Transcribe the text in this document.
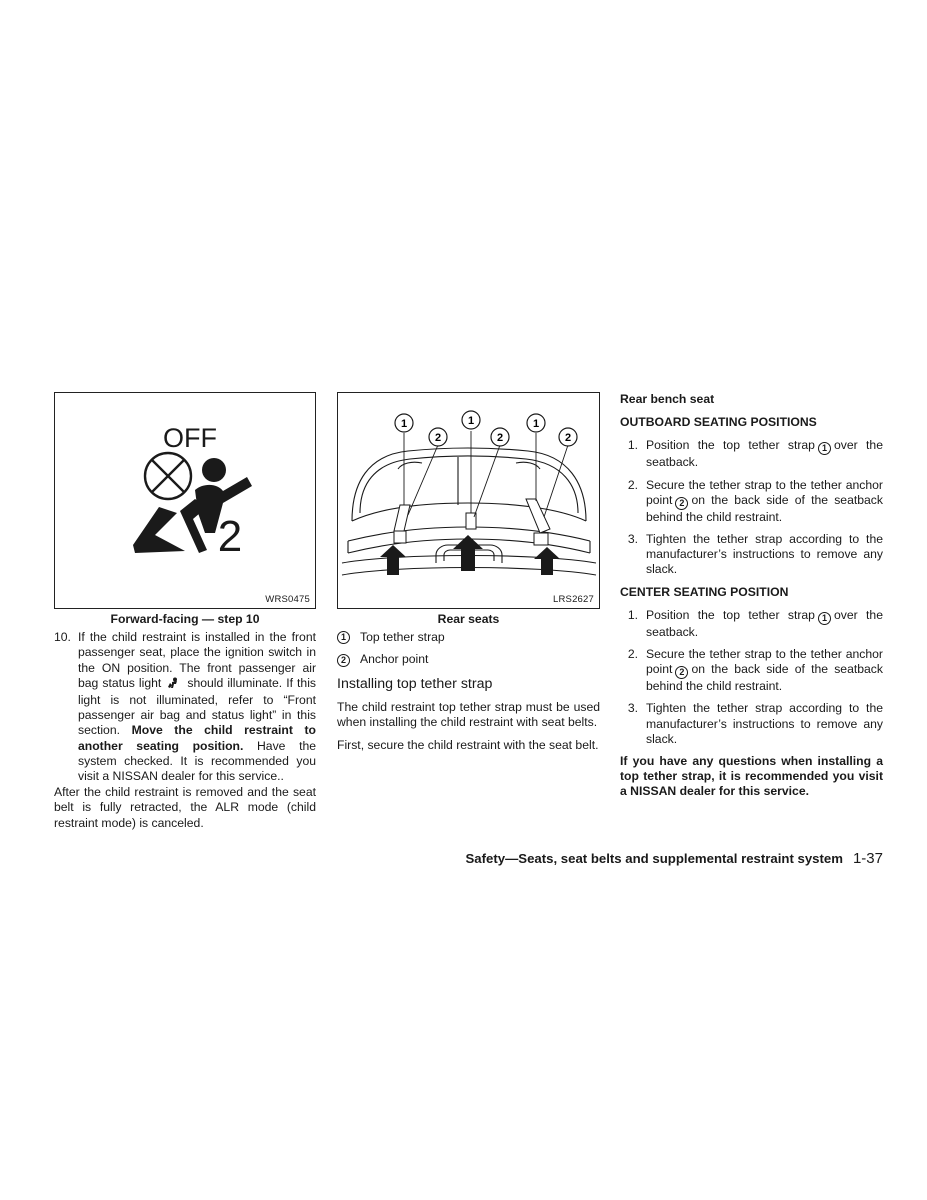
OFF
2
WRS0475
Forward-facing — step 10
10. If the child restraint is installed in the front passenger seat, place the ignition switch in the ON position. The front passenger air bag status light should illuminate. If this light is not illuminated, refer to “Front passenger air bag and status light” in this section. Move the child restraint to another seating position. Have the system checked. It is recommended you visit a NISSAN dealer for this service..

After the child restraint is removed and the seat belt is fully retracted, the ALR mode (child restraint mode) is canceled.

1
2
1
2
1
2
LRS2627
Rear seats
1	Top tether strap
2	Anchor point
Installing top tether strap

The child restraint top tether strap must be used when installing the child restraint with seat belts.

First, secure the child restraint with the seat belt.

Rear bench seat
OUTBOARD SEATING POSITIONS
1. Position the top tether strap 1 over the seatback.
2. Secure the tether strap to the tether anchor point 2 on the back side of the seatback behind the child restraint.
3. Tighten the tether strap according to the manufacturer’s instructions to remove any slack.
CENTER SEATING POSITION
1. Position the top tether strap 1 over the seatback.
2. Secure the tether strap to the tether anchor point 2 on the back side of the seatback behind the child restraint.
3. Tighten the tether strap according to the manufacturer’s instructions to remove any slack.

If you have any questions when installing a top tether strap, it is recommended you visit a NISSAN dealer for this service.

Safety—Seats, seat belts and supplemental restraint system 1-37
